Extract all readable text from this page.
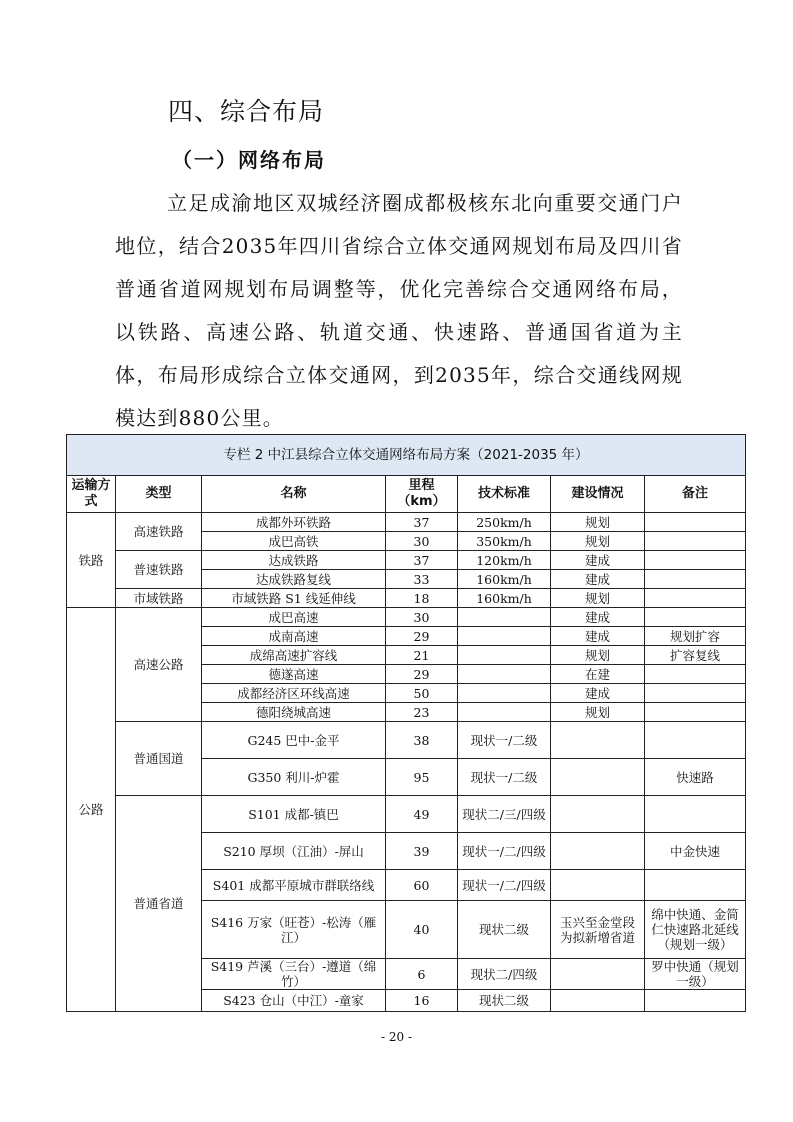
四、综合布局
（一）网络布局
立足成渝地区双城经济圈成都极核东北向重要交通门户地位，结合2035年四川省综合立体交通网规划布局及四川省普通省道网规划布局调整等，优化完善综合交通网络布局，以铁路、高速公路、轨道交通、快速路、普通国省道为主体，布局形成综合立体交通网，到2035年，综合交通线网规模达到880公里。
专栏 2 中江县综合立体交通网络布局方案（2021-2035 年）						
运输方式	类型	名称	里程（km）	技术标准	建设情况	备注
铁路	高速铁路	成都外环铁路	37	250km/h	规划	
		成巴高铁	30	350km/h	规划	
	普速铁路	达成铁路	37	120km/h	建成	
		达成铁路复线	33	160km/h	建成	
	市域铁路	市域铁路 S1 线延伸线	18	160km/h	规划	
公路	高速公路	成巴高速	30		建成	
		成南高速	29		建成	规划扩容
		成绵高速扩容线	21		规划	扩容复线
		德遂高速	29		在建	
		成都经济区环线高速	50		建成	
		德阳绕城高速	23		规划	
	普通国道	G245 巴中-金平	38	现状一/二级		
		G350 利川-炉霍	95	现状一/二级		快速路
	普通省道	S101 成都-镇巴	49	现状二/三/四级		
		S210 厚坝（江油）-屏山	39	现状一/二/四级		中金快速
		S401 成都平原城市群联络线	60	现状一/二/四级		
		S416 万家（旺苍）-松涛（雁江）	40	现状二级	玉兴至金堂段为拟新增省道	绵中快通、金简仁快速路北延线（规划一级）
		S419 芦溪（三台）-遵道（绵竹）	6	现状二/四级		罗中快通（规划一级）
		S423 仓山（中江）-童家	16	现状二级		
- 20 -
